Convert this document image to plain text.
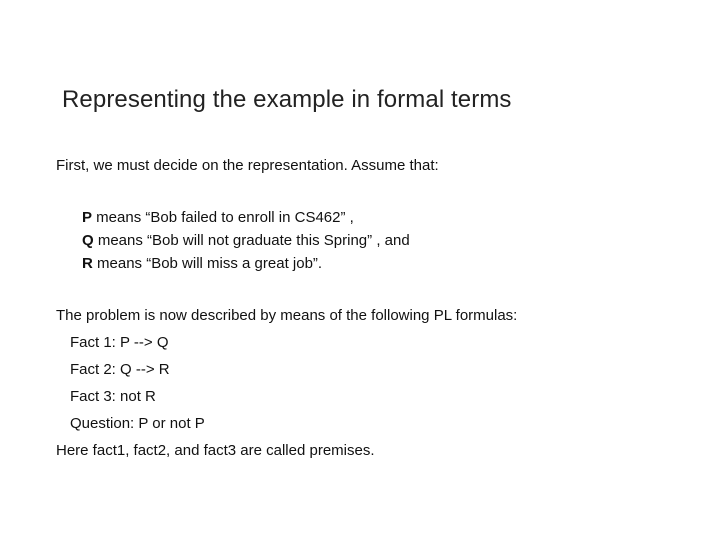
Representing the example in formal terms
First, we must decide on the representation. Assume that:
P means “Bob failed to enroll in CS462” ,
Q means “Bob will not graduate this Spring” , and
R means “Bob will miss a great job”.
The problem is now described by means of the following PL formulas:
Fact 1: P --> Q
Fact 2: Q --> R
Fact 3: not R
Question: P or not P
Here fact1, fact2, and fact3 are called premises.
